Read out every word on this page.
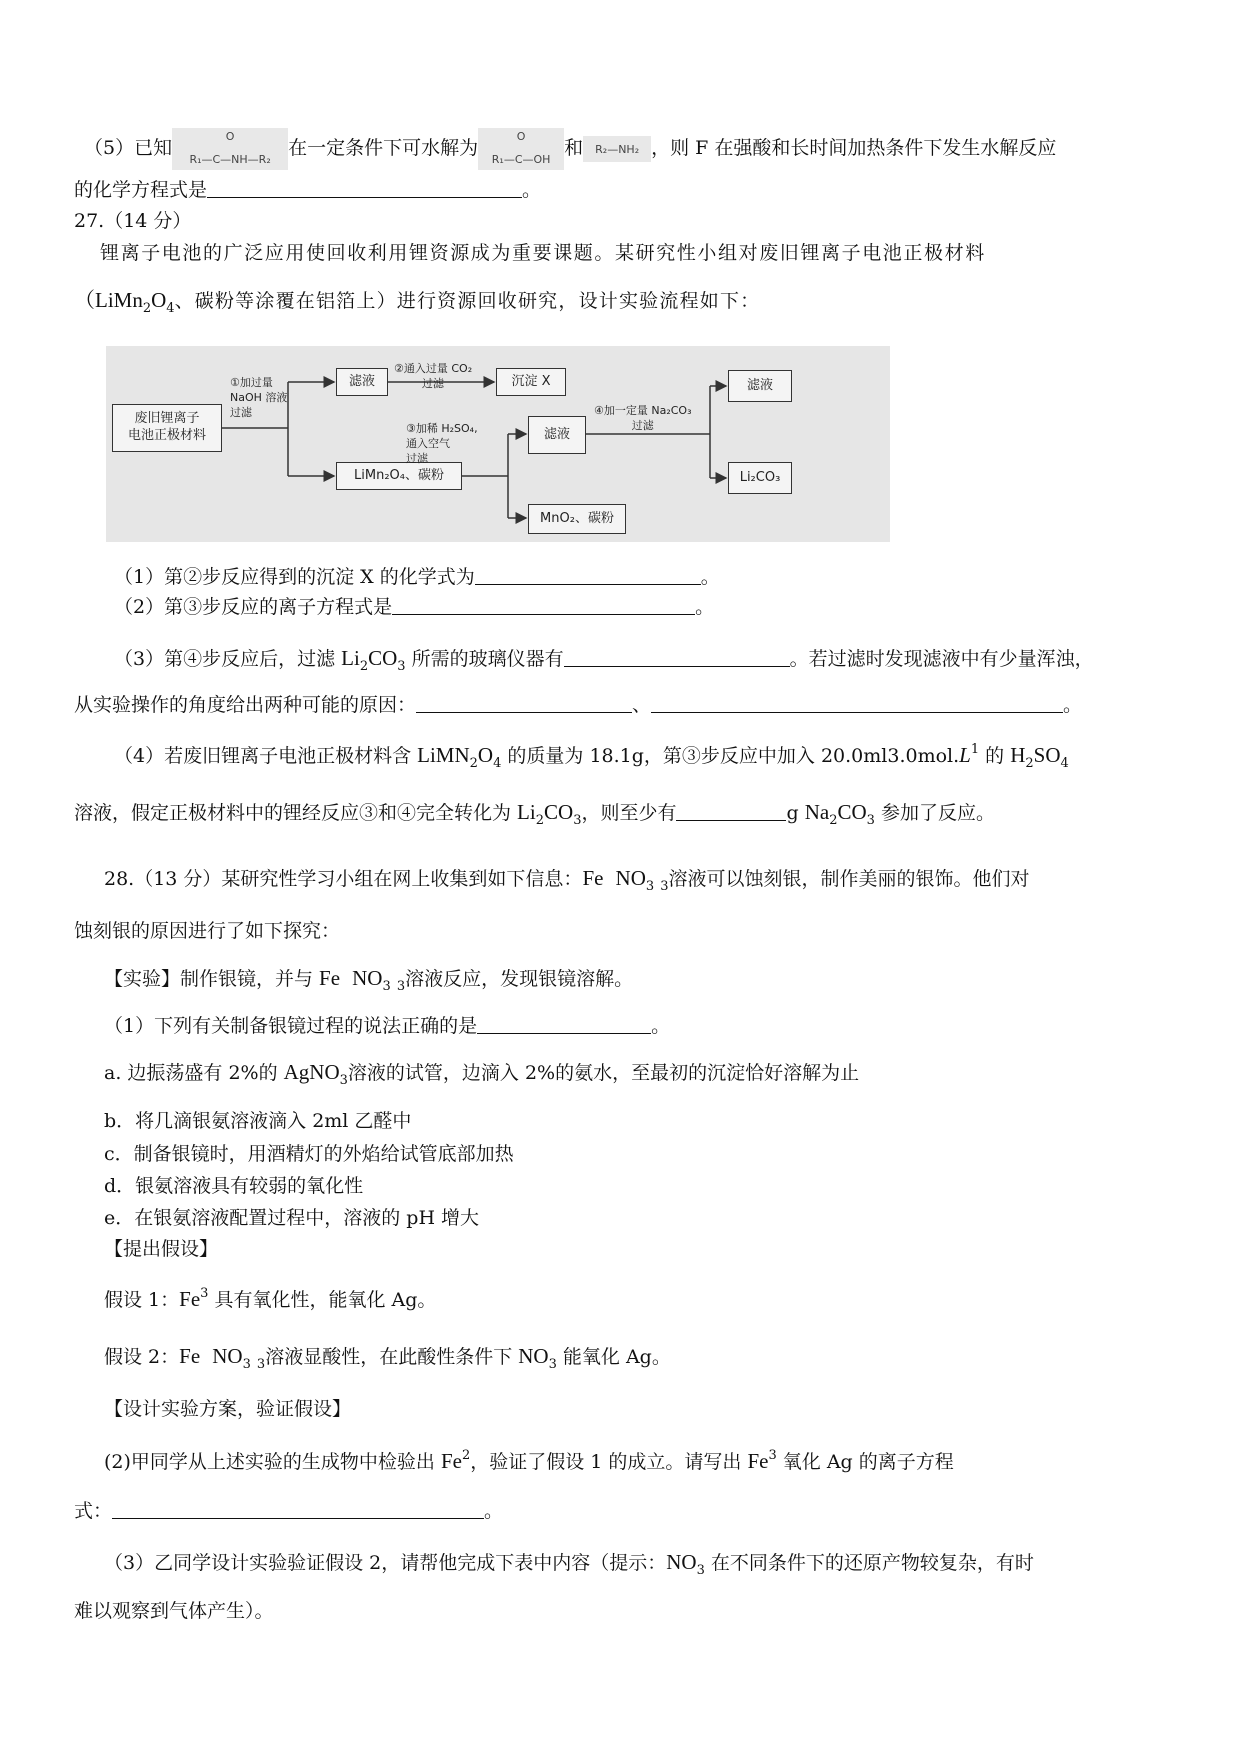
（5）已知
O
R₁—C—NH—R₂
在一定条件下可水解为
O
R₁—C—OH
和	R₂—NH₂ ，则 F 在强酸和长时间加热条件下发生水解反应
的化学方程式是	。
27.（14 分）
锂离子电池的广泛应用使回收利用锂资源成为重要课题。某研究性小组对废旧锂离子电池正极材料
（$LiMn_2O_4$、碳粉等涂覆在铝箔上）进行资源回收研究，设计实验流程如下：
废旧锂离子
电池正极材料
①加过量
NaOH 溶液
过滤
滤液
②通入过量 CO₂
过滤	沉淀 X
LiMn₂O₄、碳粉
③加稀 H₂SO₄,
通入空气
过滤
滤液
④加一定量 Na₂CO₃
过滤
滤液
Li₂CO₃
MnO₂、碳粉
（1）第②步反应得到的沉淀 X 的化学式为	。
（2）第③步反应的离子方程式是	。
（3）第④步反应后，过滤 $Li_2CO_3$ 所需的玻璃仪器有	。若过滤时发现滤液中有少量浑浊，
从实验操作的角度给出两种可能的原因：	、	。
（4）若废旧锂离子电池正极材料含 $LiMN_2O_4$ 的质量为 18.1g，第③步反应中加入 $20.0ml3.0mol.L^1$ 的 $H_2SO_4$
溶液，假定正极材料中的锂经反应③和④完全转化为 $Li_2CO_3$，则至少有	g $Na_2CO_3$ 参加了反应。
28.（13 分）某研究性学习小组在网上收集到如下信息：Fe $NO_3$ $_3$溶液可以蚀刻银，制作美丽的银饰。他们对
蚀刻银的原因进行了如下探究：
【实验】制作银镜，并与 Fe $NO_3$ $_3$溶液反应，发现银镜溶解。
（1）下列有关制备银镜过程的说法正确的是	。
a. 边振荡盛有 2%的 AgNO$_3$溶液的试管，边滴入 2%的氨水，至最初的沉淀恰好溶解为止
b．将几滴银氨溶液滴入 2ml 乙醛中
c．制备银镜时，用酒精灯的外焰给试管底部加热
d．银氨溶液具有较弱的氧化性
e．在银氨溶液配置过程中，溶液的 pH 增大
【提出假设】
假设 1：Fe$^3$ 具有氧化性，能氧化 Ag。
假设 2：Fe $NO_3$ $_3$溶液显酸性，在此酸性条件下 $NO_3$ 能氧化 Ag。
【设计实验方案，验证假设】
(2)甲同学从上述实验的生成物中检验出 Fe$^2$，验证了假设 1 的成立。请写出 Fe$^3$ 氧化 Ag 的离子方程
式：	。
（3）乙同学设计实验验证假设 2，请帮他完成下表中内容（提示：$NO_3$ 在不同条件下的还原产物较复杂，有时
难以观察到气体产生）。
